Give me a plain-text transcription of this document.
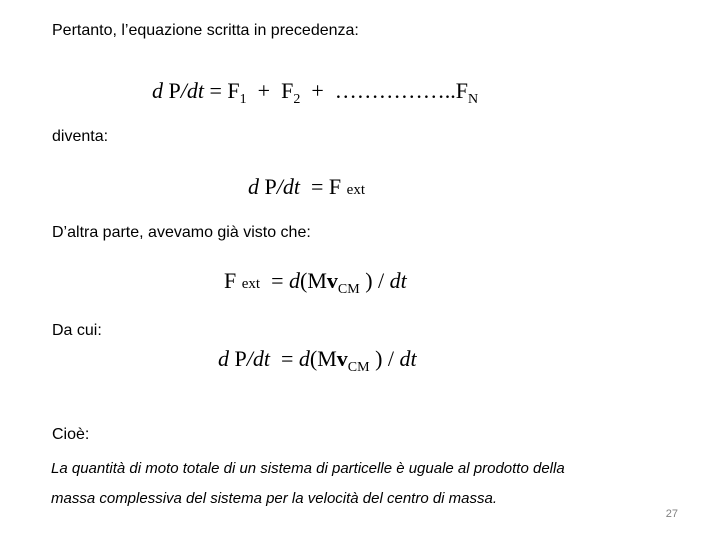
Pertanto, l’equazione scritta in precedenza:
d $P/dt = F_1 + F_2$ + $\dots\dots\dots\dots\dots..F_N$
diventa:
d P/dt = F ext
D’altra parte, avevamo già visto che:
F ext = $d(Mv_{CM}$ ) / dt
Da cui:
d $P/dt = d(Mv_{CM}$ ) / dt
Cioè:
La quantità di moto totale di un sistema di particelle è uguale al prodotto della
massa complessiva del sistema per la velocità del centro di massa.
27
